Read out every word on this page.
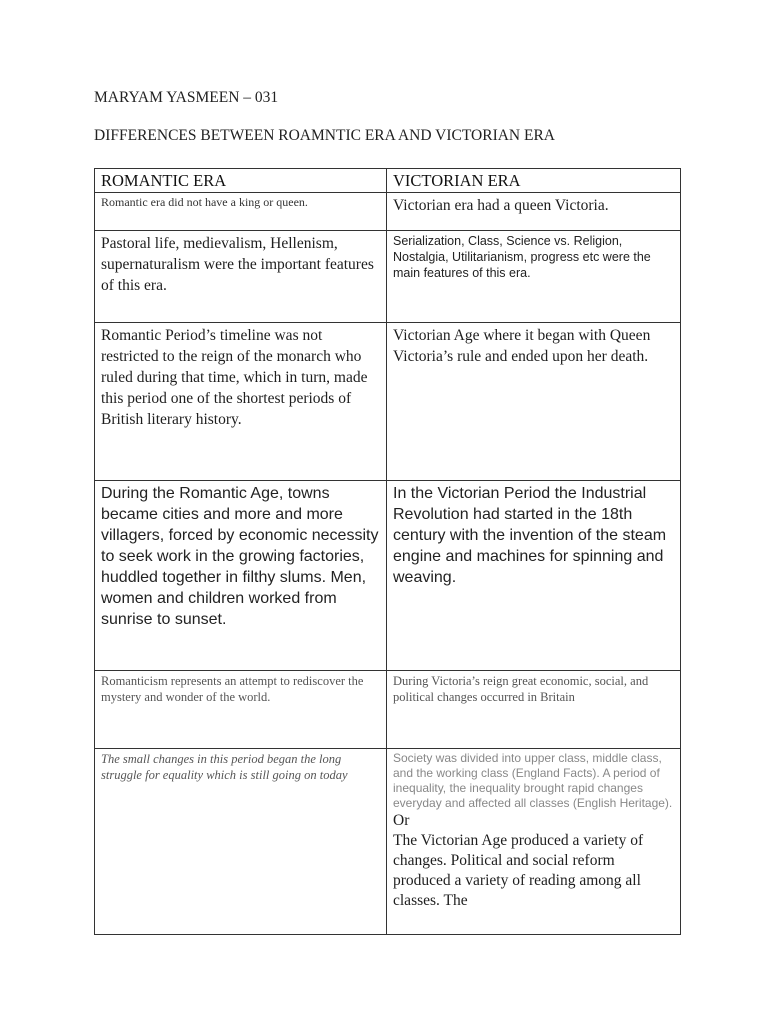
MARYAM YASMEEN – 031

DIFFERENCES BETWEEN ROAMNTIC ERA AND VICTORIAN ERA

ROMANTIC ERA	VICTORIAN ERA
Romantic era did not have a king or queen.	Victorian era had a queen Victoria.
Pastoral life, medievalism, Hellenism, supernaturalism were the important features of this era.	Serialization, Class, Science vs. Religion, Nostalgia, Utilitarianism, progress etc were the main features of this era.
Romantic Period’s timeline was not restricted to the reign of the monarch who ruled during that time, which in turn, made this period one of the shortest periods of British literary history.	Victorian Age where it began with Queen Victoria’s rule and ended upon her death.
During the Romantic Age, towns became cities and more and more villagers, forced by economic necessity to seek work in the growing factories, huddled together in filthy slums. Men, women and children worked from sunrise to sunset.	In the Victorian Period the Industrial Revolution had started in the 18th century with the invention of the steam engine and machines for spinning and weaving.
Romanticism represents an attempt to rediscover the mystery and wonder of the world.	During Victoria’s reign great economic, social, and political changes occurred in Britain
The small changes in this period began the long struggle for equality which is still going on today	Society was divided into upper class, middle class, and the working class (England Facts). A period of inequality, the inequality brought rapid changes everyday and affected all classes (English Heritage).
Or
The Victorian Age produced a variety of changes. Political and social reform produced a variety of reading among all classes. The
